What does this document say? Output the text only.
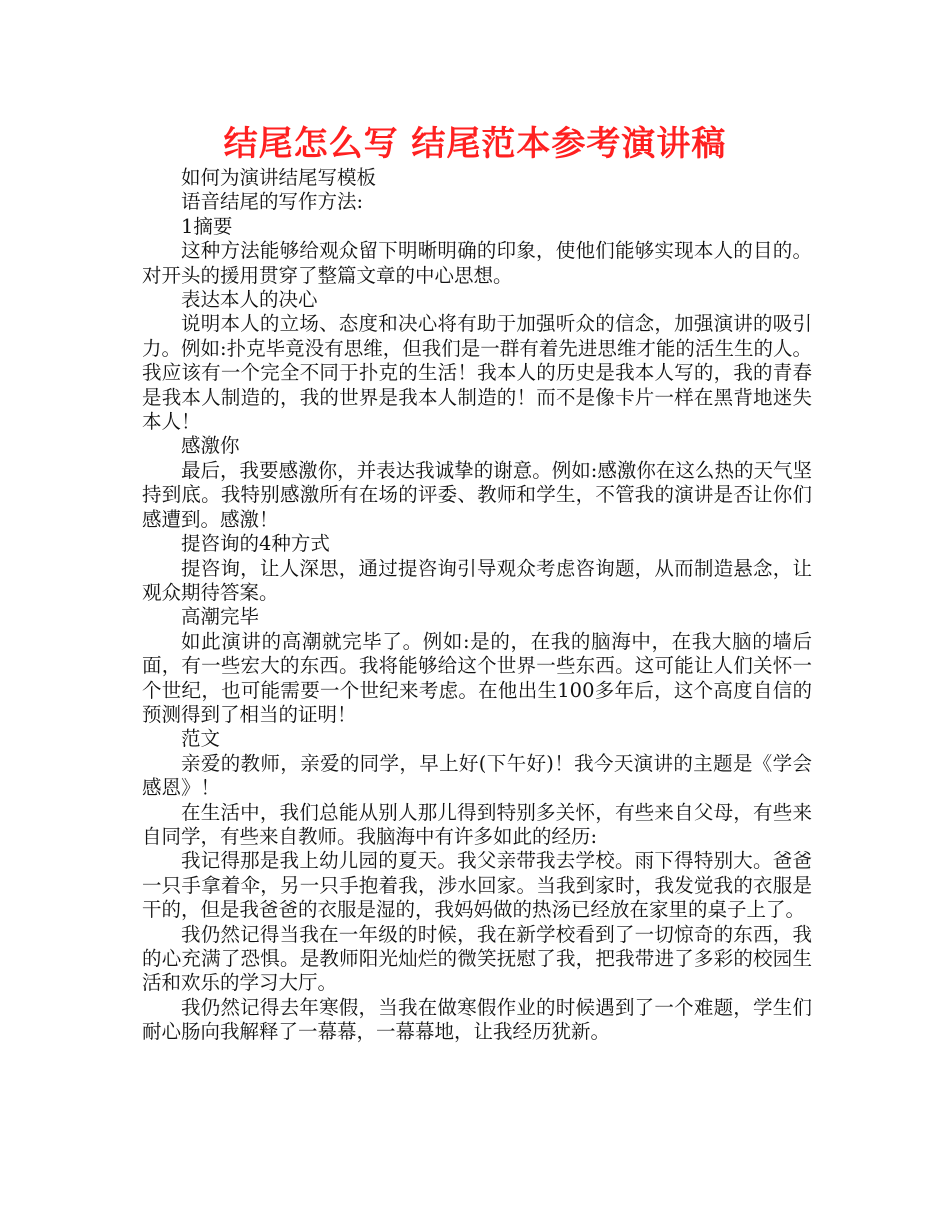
结尾怎么写 结尾范本参考演讲稿

如何为演讲结尾写模板

语音结尾的写作方法:

1摘要

这种方法能够给观众留下明晰明确的印象，使他们能够实现本人的目的。对开头的援用贯穿了整篇文章的中心思想。

表达本人的决心

说明本人的立场、态度和决心将有助于加强听众的信念，加强演讲的吸引力。例如:扑克毕竟没有思维，但我们是一群有着先进思维才能的活生生的人。我应该有一个完全不同于扑克的生活！我本人的历史是我本人写的，我的青春是我本人制造的，我的世界是我本人制造的！而不是像卡片一样在黑背地迷失本人！

感激你

最后，我要感激你，并表达我诚挚的谢意。例如:感激你在这么热的天气坚持到底。我特别感激所有在场的评委、教师和学生，不管我的演讲是否让你们感遭到。感激！

提咨询的4种方式

提咨询，让人深思，通过提咨询引导观众考虑咨询题，从而制造悬念，让观众期待答案。

高潮完毕

如此演讲的高潮就完毕了。例如:是的，在我的脑海中，在我大脑的墙后面，有一些宏大的东西。我将能够给这个世界一些东西。这可能让人们关怀一个世纪，也可能需要一个世纪来考虑。在他出生100多年后，这个高度自信的预测得到了相当的证明！

范文

亲爱的教师，亲爱的同学，早上好(下午好)！我今天演讲的主题是《学会感恩》！

在生活中，我们总能从别人那儿得到特别多关怀，有些来自父母，有些来自同学，有些来自教师。我脑海中有许多如此的经历:

我记得那是我上幼儿园的夏天。我父亲带我去学校。雨下得特别大。爸爸一只手拿着伞，另一只手抱着我，涉水回家。当我到家时，我发觉我的衣服是干的，但是我爸爸的衣服是湿的，我妈妈做的热汤已经放在家里的桌子上了。

我仍然记得当我在一年级的时候，我在新学校看到了一切惊奇的东西，我的心充满了恐惧。是教师阳光灿烂的微笑抚慰了我，把我带进了多彩的校园生活和欢乐的学习大厅。

我仍然记得去年寒假，当我在做寒假作业的时候遇到了一个难题，学生们耐心肠向我解释了一幕幕，一幕幕地，让我经历犹新。
